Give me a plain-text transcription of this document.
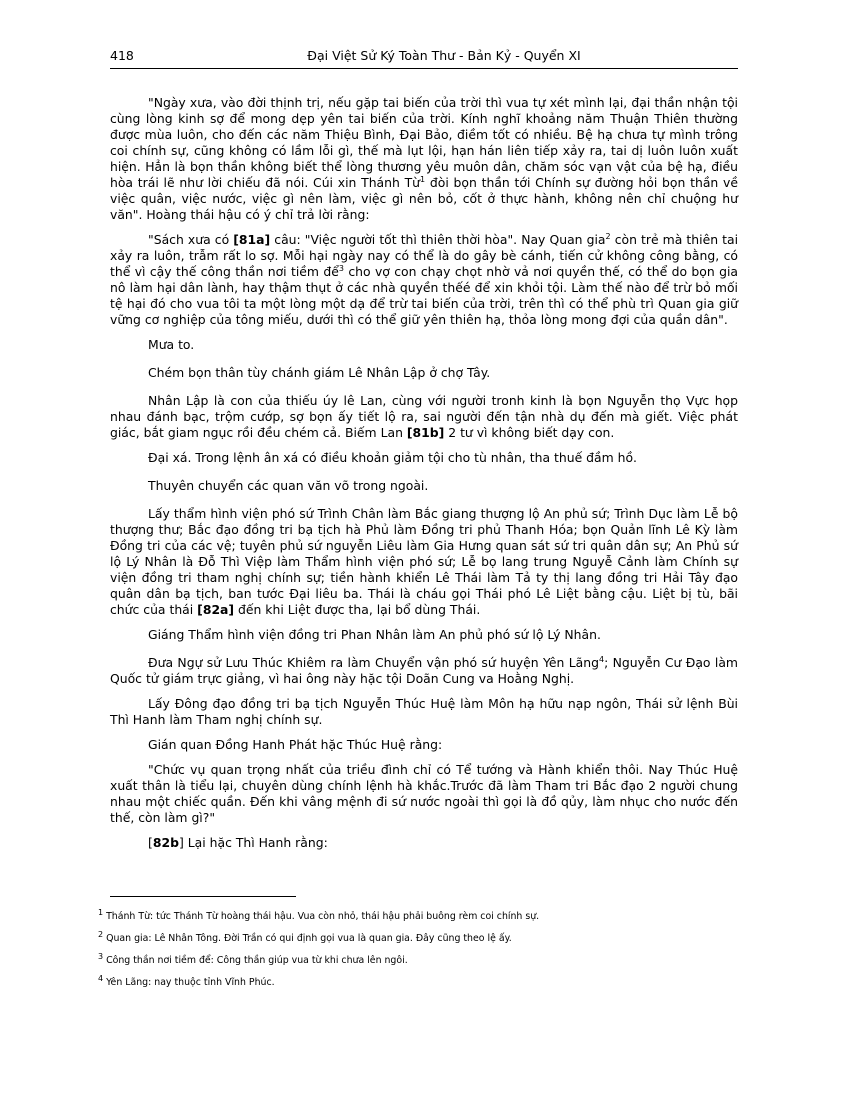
418	Đại Việt Sử Ký Toàn Thư - Bản Kỷ - Quyển XI

"Ngày xưa, vào đời thịnh trị, nếu gặp tai biến của trời thì vua tự xét mình lại, đại thần nhận tội cùng lòng kinh sợ để mong dẹp yên tai biến của trời. Kính nghĩ khoảng năm Thuận Thiên thường được mùa luôn, cho đến các năm Thiệu Bình, Đại Bảo, điềm tốt có nhiều. Bệ hạ chưa tự mình trông coi chính sự, cũng không có lầm lỗi gì, thế mà lụt lội, hạn hán liên tiếp xảy ra, tai dị luôn luôn xuất hiện. Hẳn là bọn thần không biết thể lòng thương yêu muôn dân, chăm sóc vạn vật của bệ hạ, điều hòa trái lẽ như lời chiếu đã nói. Cúi xin Thánh Từ$^1$ đòi bọn thần tới Chính sự đường hỏi bọn thần về việc quân, việc nước, việc gì nên làm, việc gì nên bỏ, cốt ở thực hành, không nên chỉ chuộng hư văn". Hoàng thái hậu có ý chỉ trả lời rằng:

"Sách xưa có [81a] câu: "Việc người tốt thì thiên thời hòa". Nay Quan gia$^2$ còn trẻ mà thiên tai xảy ra luôn, trẫm rất lo sợ. Mỗi hại ngày nay có thể là do gây bè cánh, tiến cử không công bằng, có thể vì cậy thế công thần nơi tiềm để$^3$ cho vợ con chạy chọt nhờ vả nơi quyền thế, có thể do bọn gia nô làm hại dân lành, hay thậm thụt ở các nhà quyền thếé để xin khỏi tội. Làm thế nào để trừ bỏ mối tệ hại đó cho vua tôi ta một lòng một dạ để trừ tai biến của trời, trên thì có thể phù trì Quan gia giữ vững cơ nghiệp của tông miếu, dưới thì có thể giữ yên thiên hạ, thỏa lòng mong đợi của quần dân".

Mưa to.

Chém bọn thân tùy chánh giám Lê Nhân Lập ở chợ Tây.

Nhân Lập là con của thiếu úy lê Lan, cùng với người tronh kinh là bọn Nguyễn thọ Vực họp nhau đánh bạc, trộm cướp, sợ bọn ấy tiết lộ ra, sai người đến tận nhà dụ đến mà giết. Việc phát giác, bắt giam ngục rồi đều chém cả. Biếm Lan [81b] 2 tư vì không biết dạy con.

Đại xá. Trong lệnh ân xá có điều khoản giảm tội cho tù nhân, tha thuế đầm hồ.

Thuyên chuyển các quan văn võ trong ngoài.

Lấy thẩm hình viện phó sứ Trình Chân làm Bắc giang thượng lộ An phủ sứ; Trình Dục làm Lễ bộ thượng thư; Bắc đạo đồng tri bạ tịch hà Phủ làm Đồng tri phủ Thanh Hóa; bọn Quản lĩnh Lê Kỳ làm Đồng tri của các vệ; tuyên phủ sứ nguyễn Liêu làm Gia Hưng quan sát sứ tri quân dân sự; An Phủ sứ lộ Lý Nhân là Đỗ Thì Việp làm Thẩm hình viện phó sứ; Lễ bọ lang trung Nguyễ Cảnh làm Chính sự viện đồng tri tham nghị chính sự; tiền hành khiển Lê Thái làm Tả ty thị lang đồng tri Hải Tây đạo quân dân bạ tịch, ban tước Đại liêu ba. Thái là cháu gọi Thái phó Lê Liệt bằng cậu. Liệt bị tù, bãi chức của thái [82a] đến khi Liệt được tha, lại bổ dùng Thái.

Giáng Thẩm hình viện đồng tri Phan Nhân làm An phủ phó sứ lộ Lý Nhân.

Đưa Ngự sử Lưu Thúc Khiêm ra làm Chuyển vận phó sứ huyện Yên Lãng$^4$; Nguyễn Cư Đạo làm Quốc tử giám trực giảng, vì hai ông này hặc tội Doãn Cung va Hoằng Nghị.

Lấy Đông đạo đồng tri bạ tịch Nguyễn Thúc Huệ làm Môn hạ hữu nạp ngôn, Thái sử lệnh Bùi Thì Hanh làm Tham nghị chính sự.

Gián quan Đồng Hanh Phát hặc Thúc Huệ rằng:

"Chức vụ quan trọng nhất của triều đình chỉ có Tể tướng và Hành khiển thôi. Nay Thúc Huệ xuất thân là tiểu lại, chuyên dùng chính lệnh hà khắc.Trước đã làm Tham tri Bắc đạo 2 người chung nhau một chiếc quần. Đến khi vâng mệnh đi sứ nước ngoài thì gọi là đồ qủy, làm nhục cho nước đến thế, còn làm gì?"

[82b] Lại hặc Thì Hanh rằng:

$^1$ Thánh Từ: tức Thánh Từ hoàng thái hậu. Vua còn nhỏ, thái hậu phải buông rèm coi chính sự.
$^2$ Quan gia: Lê Nhân Tông. Đời Trần có qui định gọi vua là quan gia. Đây cũng theo lệ ấy.
$^3$ Công thần nơi tiềm để: Công thần giúp vua từ khi chưa lên ngôi.
$^4$ Yên Lãng: nay thuộc tỉnh Vĩnh Phúc.
